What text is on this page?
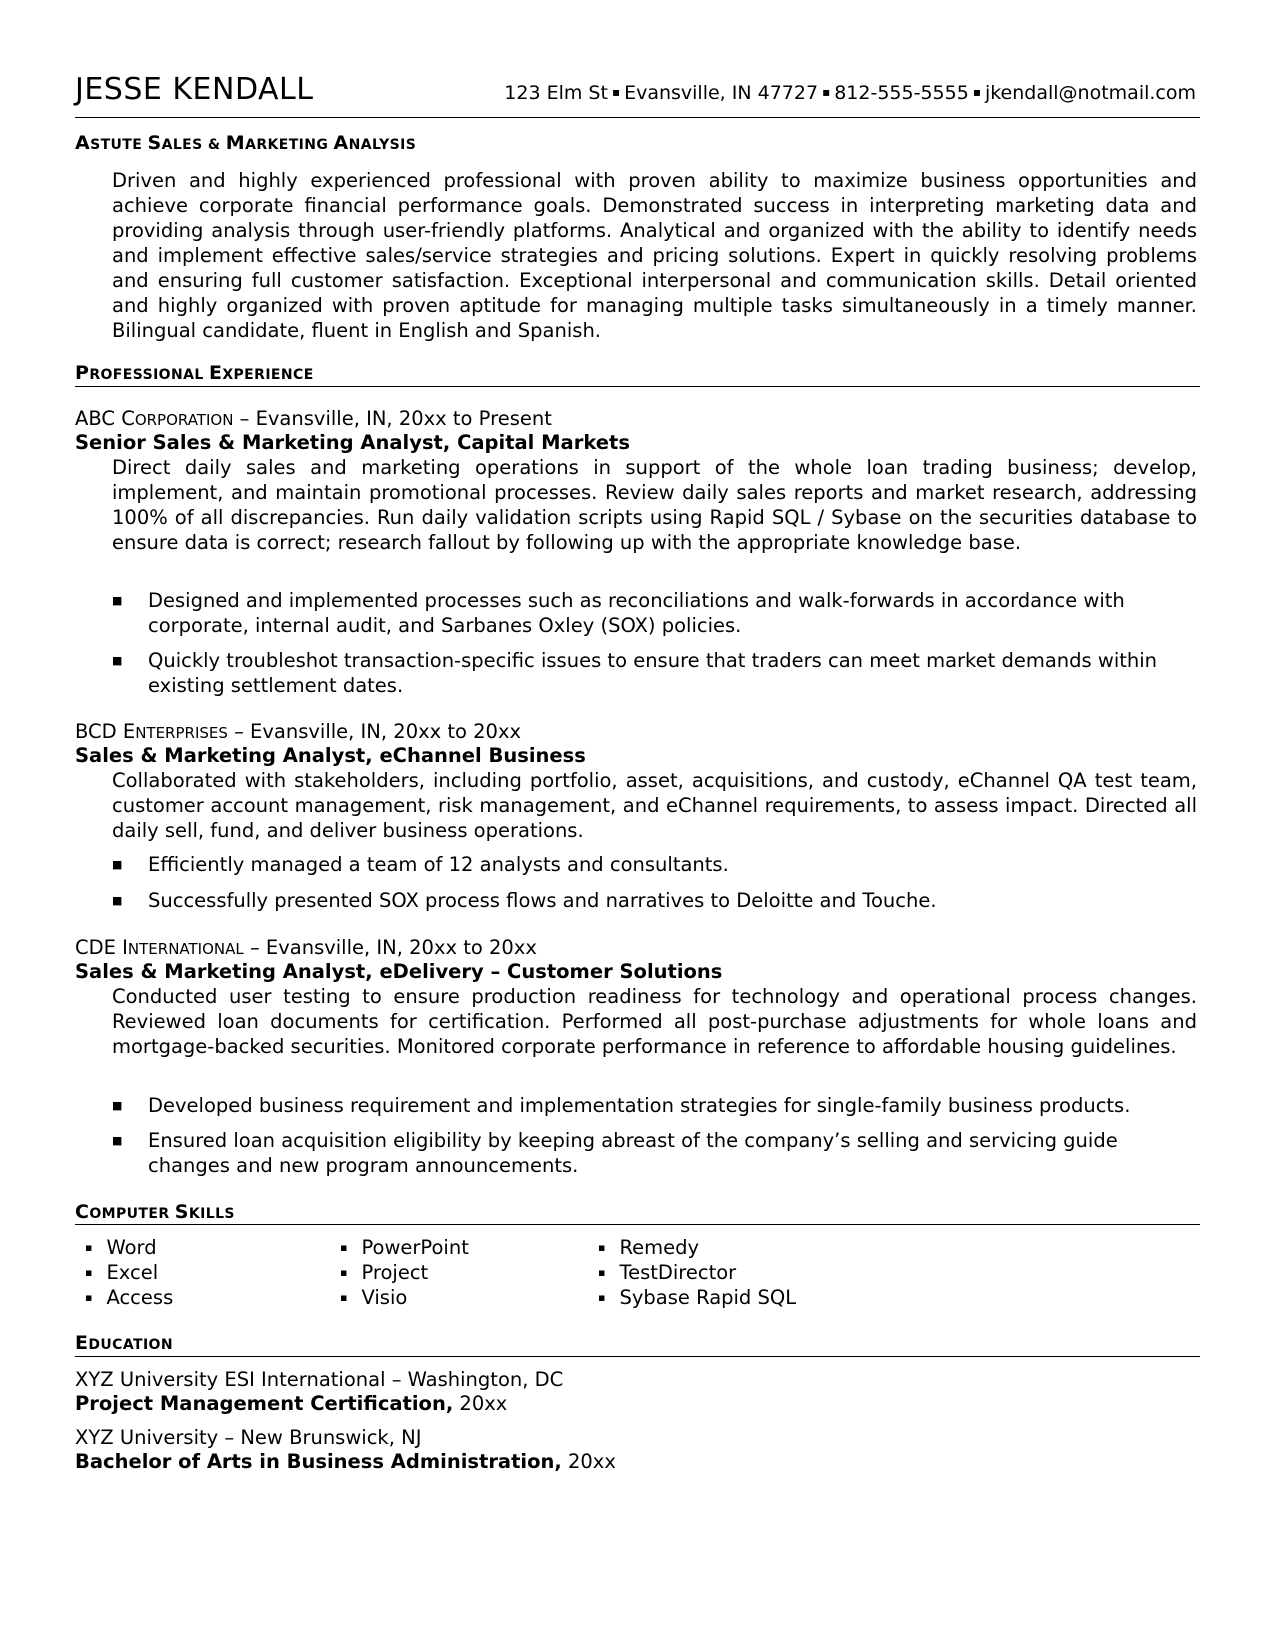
JESSE KENDALL	123 Elm St ▪ Evansville, IN 47727 ▪ 812-555-5555 ▪ jkendall@notmail.com
ASTUTE SALES & MARKETING ANALYSIS
Driven and highly experienced professional with proven ability to maximize business opportunities and achieve corporate financial performance goals. Demonstrated success in interpreting marketing data and providing analysis through user-friendly platforms. Analytical and organized with the ability to identify needs and implement effective sales/service strategies and pricing solutions. Expert in quickly resolving problems and ensuring full customer satisfaction. Exceptional interpersonal and communication skills. Detail oriented and highly organized with proven aptitude for managing multiple tasks simultaneously in a timely manner. Bilingual candidate, fluent in English and Spanish.
PROFESSIONAL EXPERIENCE
ABC CORPORATION – Evansville, IN, 20xx to Present
Senior Sales & Marketing Analyst, Capital Markets
Direct daily sales and marketing operations in support of the whole loan trading business; develop, implement, and maintain promotional processes. Review daily sales reports and market research, addressing 100% of all discrepancies. Run daily validation scripts using Rapid SQL / Sybase on the securities database to ensure data is correct; research fallout by following up with the appropriate knowledge base.
■	Designed and implemented processes such as reconciliations and walk-forwards in accordance with corporate, internal audit, and Sarbanes Oxley (SOX) policies.
■	Quickly troubleshot transaction-specific issues to ensure that traders can meet market demands within existing settlement dates.
BCD ENTERPRISES – Evansville, IN, 20xx to 20xx
Sales & Marketing Analyst, eChannel Business
Collaborated with stakeholders, including portfolio, asset, acquisitions, and custody, eChannel QA test team, customer account management, risk management, and eChannel requirements, to assess impact. Directed all daily sell, fund, and deliver business operations.
■	Efficiently managed a team of 12 analysts and consultants.
■	Successfully presented SOX process flows and narratives to Deloitte and Touche.
CDE INTERNATIONAL – Evansville, IN, 20xx to 20xx
Sales & Marketing Analyst, eDelivery – Customer Solutions
Conducted user testing to ensure production readiness for technology and operational process changes. Reviewed loan documents for certification. Performed all post-purchase adjustments for whole loans and mortgage-backed securities. Monitored corporate performance in reference to affordable housing guidelines.
■	Developed business requirement and implementation strategies for single-family business products.
■	Ensured loan acquisition eligibility by keeping abreast of the company’s selling and servicing guide changes and new program announcements.
COMPUTER SKILLS
▪ Word
▪ Excel
▪ Access
▪ PowerPoint
▪ Project
▪ Visio
▪ Remedy
▪ TestDirector
▪ Sybase Rapid SQL
EDUCATION
XYZ University ESI International – Washington, DC
Project Management Certification, 20xx
XYZ University – New Brunswick, NJ
Bachelor of Arts in Business Administration, 20xx
